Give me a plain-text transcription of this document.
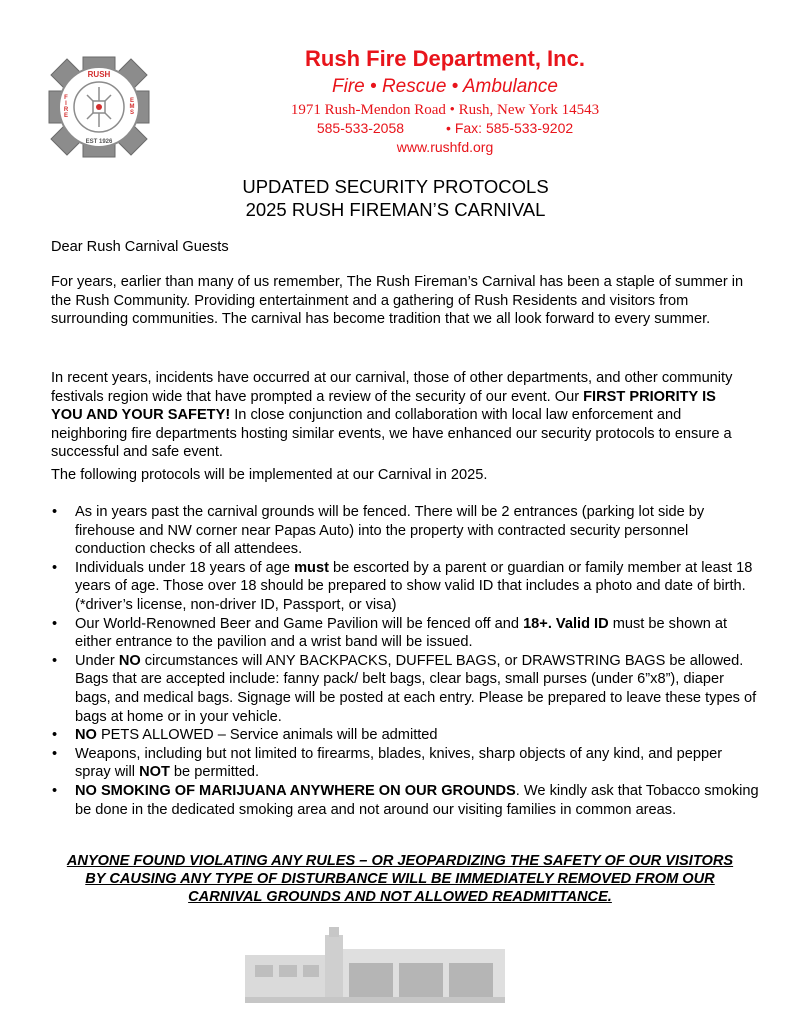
RUSH
EST 1926
F I R E
E M S
Rush Fire Department, Inc.
Fire • Rescue • Ambulance
1971 Rush-Mendon Road • Rush, New York 14543
585-533-2058	• Fax: 585-533-9202
www.rushfd.org
UPDATED SECURITY PROTOCOLS
2025 RUSH FIREMAN’S CARNIVAL
Dear Rush Carnival Guests

For years, earlier than many of us remember, The Rush Fireman’s Carnival has been a staple of summer in the Rush Community. Providing entertainment and a gathering of Rush Residents and visitors from surrounding communities. The carnival has become tradition that we all look forward to every summer.

In recent years, incidents have occurred at our carnival, those of other departments, and other community festivals region wide that have prompted a review of the security of our event. Our FIRST PRIORITY IS YOU AND YOUR SAFETY! In close conjunction and collaboration with local law enforcement and neighboring fire departments hosting similar events, we have enhanced our security protocols to ensure a successful and safe event.

The following protocols will be implemented at our Carnival in 2025.

• As in years past the carnival grounds will be fenced. There will be 2 entrances (parking lot side by firehouse and NW corner near Papas Auto) into the property with contracted security personnel conduction checks of all attendees.
• Individuals under 18 years of age must be escorted by a parent or guardian or family member at least 18 years of age. Those over 18 should be prepared to show valid ID that includes a photo and date of birth. (*driver’s license, non-driver ID, Passport, or visa)
• Our World-Renowned Beer and Game Pavilion will be fenced off and 18+. Valid ID must be shown at either entrance to the pavilion and a wrist band will be issued.
• Under NO circumstances will ANY BACKPACKS, DUFFEL BAGS, or DRAWSTRING BAGS be allowed. Bags that are accepted include: fanny pack/ belt bags, clear bags, small purses (under 6”x8”), diaper bags, and medical bags. Signage will be posted at each entry. Please be prepared to leave these types of bags at home or in your vehicle.
• NO PETS ALLOWED – Service animals will be admitted
• Weapons, including but not limited to firearms, blades, knives, sharp objects of any kind, and pepper spray will NOT be permitted.
• NO SMOKING OF MARIJUANA ANYWHERE ON OUR GROUNDS. We kindly ask that Tobacco smoking be done in the dedicated smoking area and not around our visiting families in common areas.
ANYONE FOUND VIOLATING ANY RULES – OR JEOPARDIZING THE SAFETY OF OUR VISITORS BY CAUSING ANY TYPE OF DISTURBANCE WILL BE IMMEDIATELY REMOVED FROM OUR CARNIVAL GROUNDS AND NOT ALLOWED READMITTANCE.
